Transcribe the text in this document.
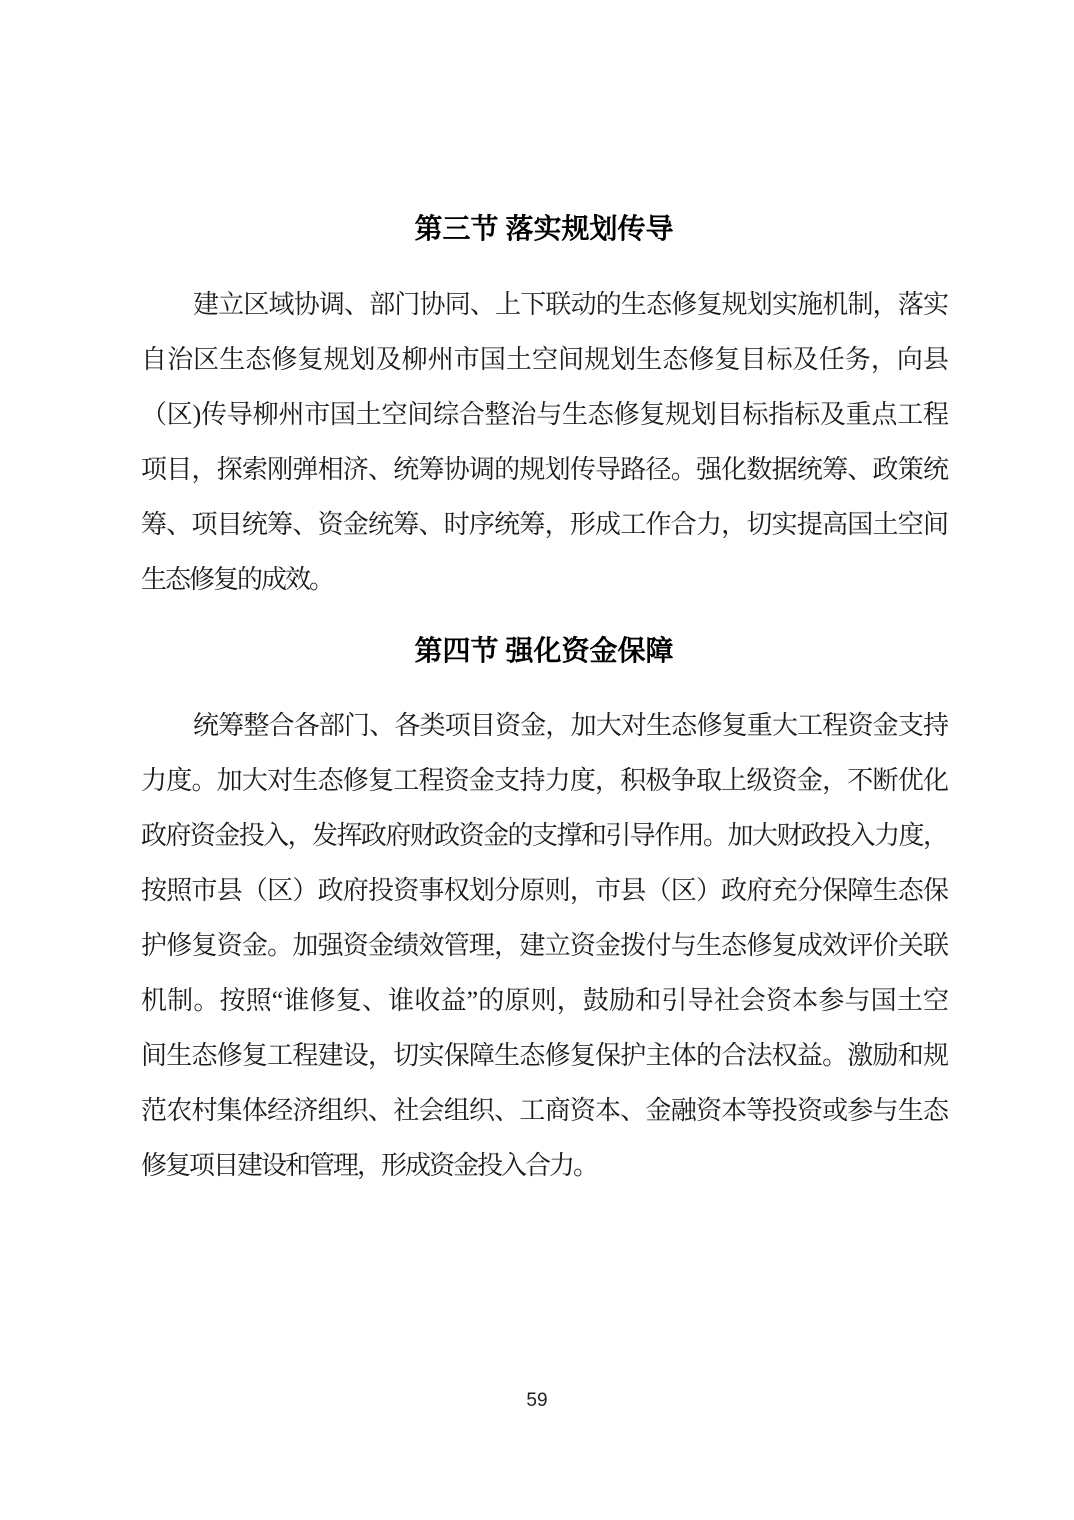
第三节 落实规划传导
建立区域协调、部门协同、上下联动的生态修复规划实施机制，落实
自治区生态修复规划及柳州市国土空间规划生态修复目标及任务，向县
（区)传导柳州市国土空间综合整治与生态修复规划目标指标及重点工程
项目，探索刚弹相济、统筹协调的规划传导路径。强化数据统筹、政策统
筹、项目统筹、资金统筹、时序统筹，形成工作合力，切实提高国土空间
生态修复的成效。
第四节 强化资金保障
统筹整合各部门、各类项目资金，加大对生态修复重大工程资金支持
力度。加大对生态修复工程资金支持力度，积极争取上级资金，不断优化
政府资金投入，发挥政府财政资金的支撑和引导作用。加大财政投入力度，
按照市县（区）政府投资事权划分原则，市县（区）政府充分保障生态保
护修复资金。加强资金绩效管理，建立资金拨付与生态修复成效评价关联
机制。按照“谁修复、谁收益”的原则，鼓励和引导社会资本参与国土空
间生态修复工程建设，切实保障生态修复保护主体的合法权益。激励和规
范农村集体经济组织、社会组织、工商资本、金融资本等投资或参与生态
修复项目建设和管理，形成资金投入合力。
59
